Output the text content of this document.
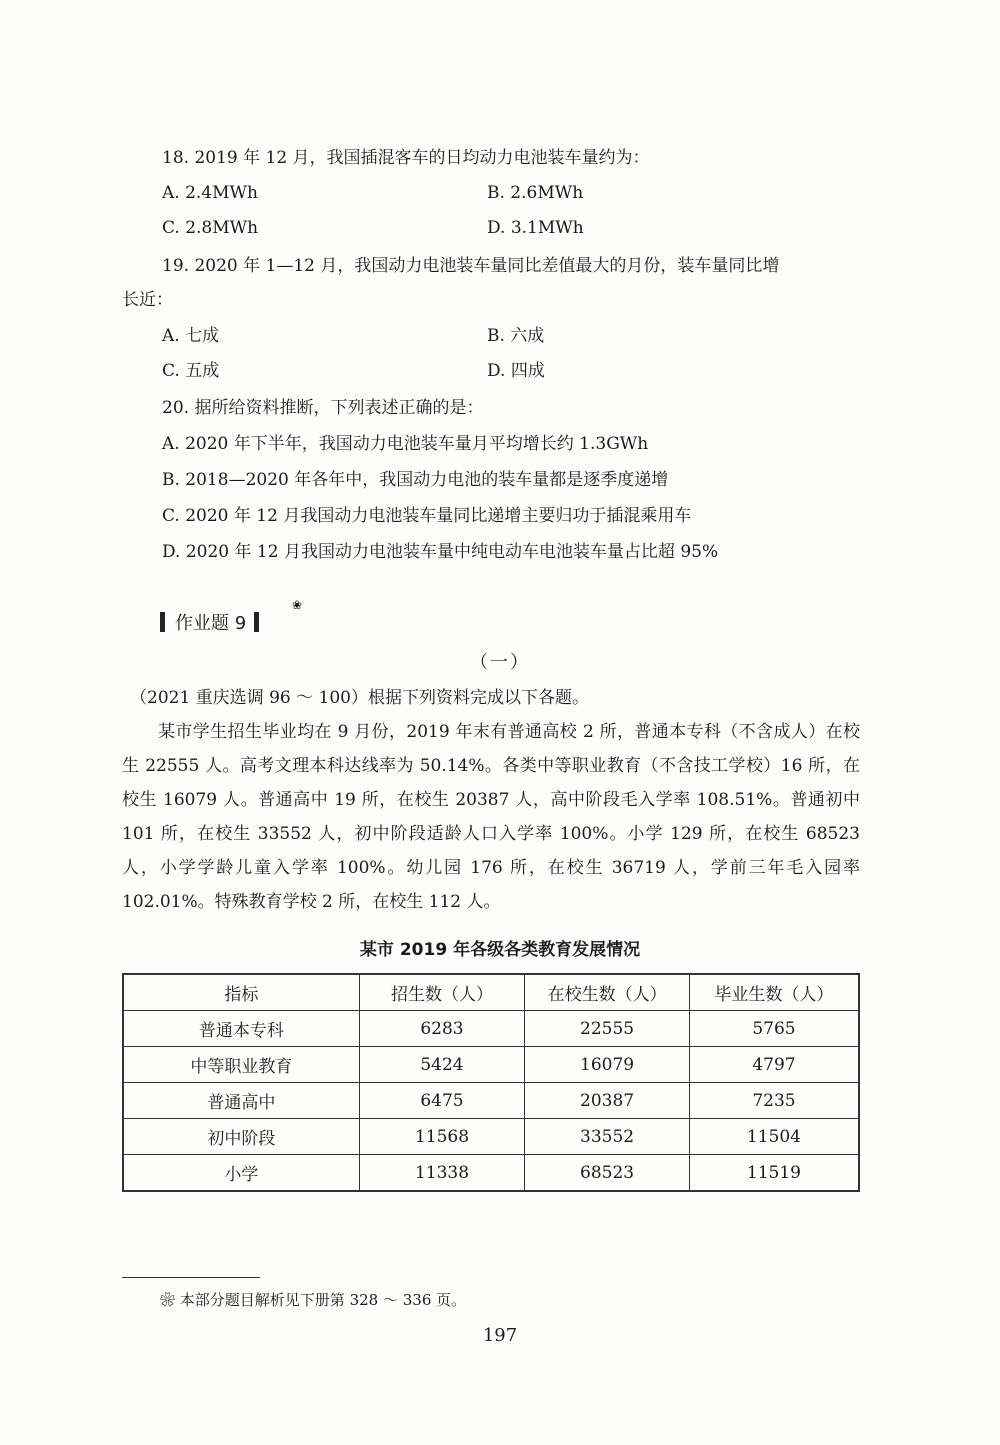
18. 2019 年 12 月，我国插混客车的日均动力电池装车量约为：
A. 2.4MWh	B. 2.6MWh
C. 2.8MWh	D. 3.1MWh
19. 2020 年 1—12 月，我国动力电池装车量同比差值最大的月份，装车量同比增
长近：
A. 七成	B. 六成
C. 五成	D. 四成
20. 据所给资料推断，下列表述正确的是：
A. 2020 年下半年，我国动力电池装车量月平均增长约 1.3GWh
B. 2018—2020 年各年中，我国动力电池的装车量都是逐季度递增
C. 2020 年 12 月我国动力电池装车量同比递增主要归功于插混乘用车
D. 2020 年 12 月我国动力电池装车量中纯电动车电池装车量占比超 95%
作业题 9
❀
（一）
（2021 重庆选调 96 ～ 100）根据下列资料完成以下各题。

某市学生招生毕业均在 9 月份，2019 年末有普通高校 2 所，普通本专科（不含成人）在校生 22555 人。高考文理本科达线率为 50.14%。各类中等职业教育（不含技工学校）16 所，在校生 16079 人。普通高中 19 所，在校生 20387 人，高中阶段毛入学率 108.51%。普通初中 101 所，在校生 33552 人，初中阶段适龄人口入学率 100%。小学 129 所，在校生 68523 人，小学学龄儿童入学率 100%。幼儿园 176 所，在校生 36719 人，学前三年毛入园率 102.01%。特殊教育学校 2 所，在校生 112 人。

某市 2019 年各级各类教育发展情况
指标	招生数（人）	在校生数（人）	毕业生数（人）
普通本专科	6283	22555	5765
中等职业教育	5424	16079	4797
普通高中	6475	20387	7235
初中阶段	11568	33552	11504
小学	11338	68523	11519
❀ 本部分题目解析见下册第 328 ～ 336 页。
197
